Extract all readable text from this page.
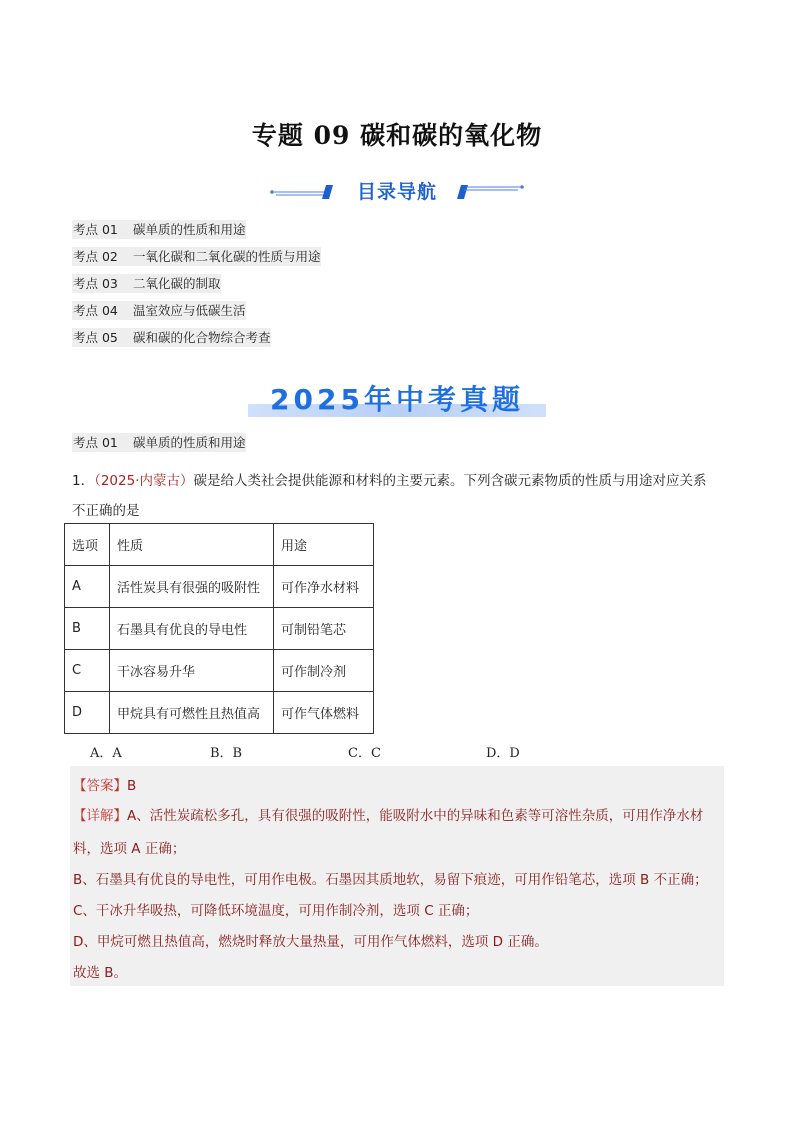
专题 09 碳和碳的氧化物
目录导航
考点 01 碳单质的性质和用途
考点 02 一氧化碳和二氧化碳的性质与用途
考点 03 二氧化碳的制取
考点 04 温室效应与低碳生活
考点 05 碳和碳的化合物综合考查
2025年中考真题
考点 01 碳单质的性质和用途
1．（2025·内蒙古）碳是给人类社会提供能源和材料的主要元素。下列含碳元素物质的性质与用途对应关系
不正确的是
选项	性质	用途
A	活性炭具有很强的吸附性	可作净水材料
B	石墨具有优良的导电性	可制铅笔芯
C	干冰容易升华	可作制冷剂
D	甲烷具有可燃性且热值高	可作气体燃料
A．A	B．B	C．C	D．D
【答案】B
【详解】A、活性炭疏松多孔，具有很强的吸附性，能吸附水中的异味和色素等可溶性杂质，可用作净水材
料，选项 A 正确；
B、石墨具有优良的导电性，可用作电极。石墨因其质地软，易留下痕迹，可用作铅笔芯，选项 B 不正确；
C、干冰升华吸热，可降低环境温度，可用作制冷剂，选项 C 正确；
D、甲烷可燃且热值高，燃烧时释放大量热量，可用作气体燃料，选项 D 正确。
故选 B。
